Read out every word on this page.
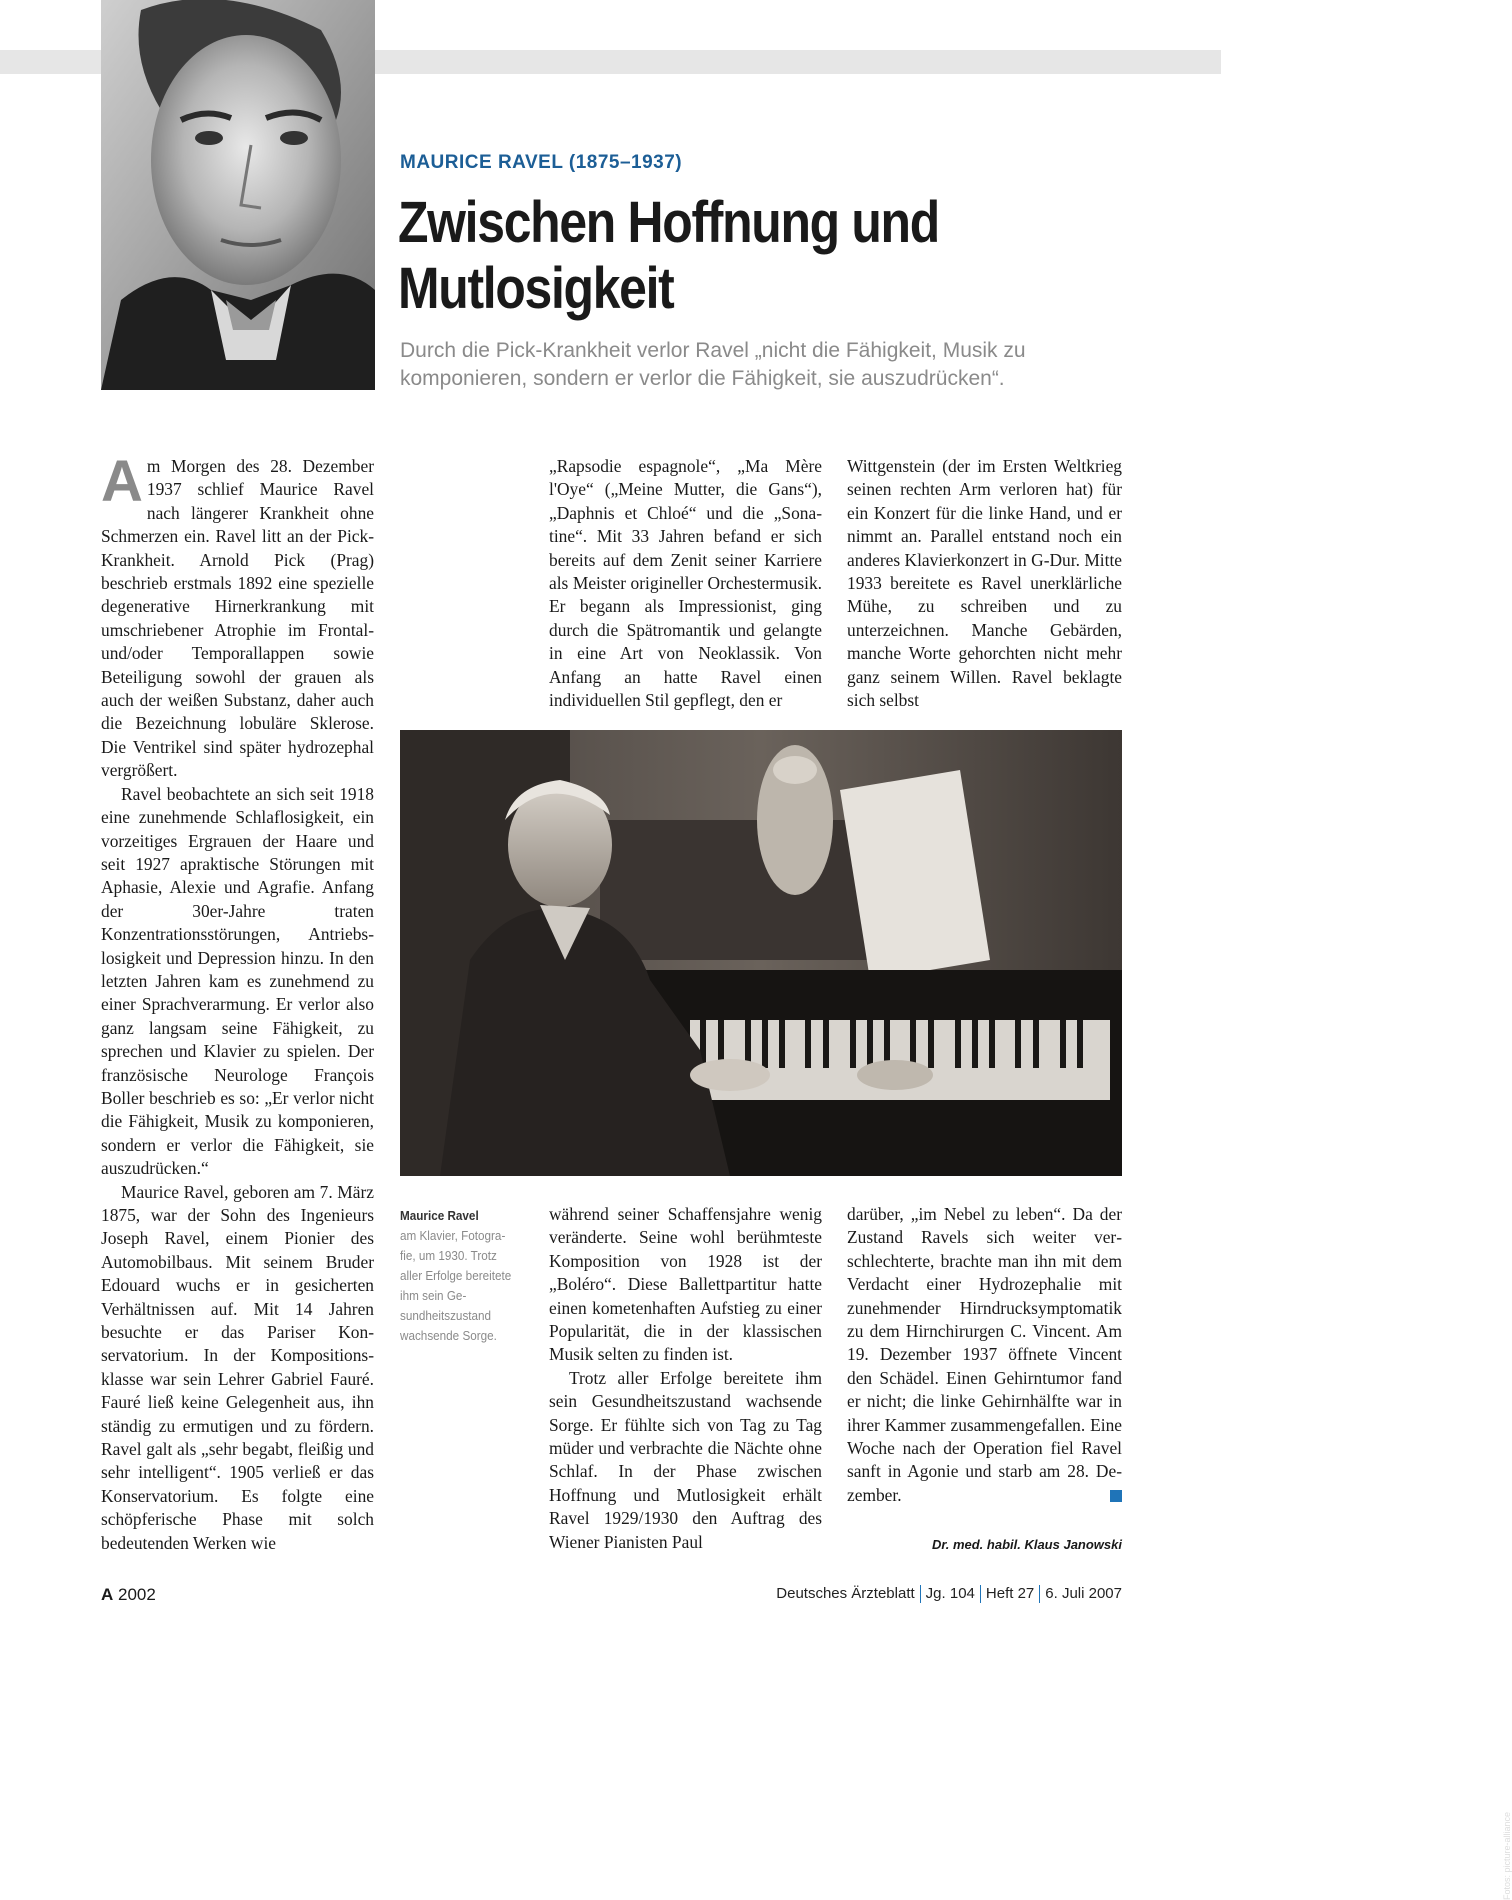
MAURICE RAVEL (1875–1937)
Zwischen Hoffnung und Mutlosigkeit

Durch die Pick-Krankheit verlor Ravel „nicht die Fähigkeit, Musik zu komponieren, sondern er verlor die Fähigkeit, sie auszudrücken“.

Am Morgen des 28. Dezember 1937 schlief Maurice Ravel nach längerer Krankheit ohne Schmerzen ein. Ravel litt an der Pick-Krankheit. Arnold Pick (Prag) beschrieb erstmals 1892 eine spezielle degenerative Hirnerkrankung mit umschriebener Atrophie im Frontal- und/oder Temporallappen sowie Beteiligung sowohl der grauen als auch der weißen Substanz, daher auch die Bezeichnung lobuläre Sklerose. Die Ventrikel sind später hydrozephal vergrößert.

Ravel beobachtete an sich seit 1918 eine zunehmende Schlaflosigkeit, ein vorzeitiges Ergrauen der Haare und seit 1927 apraktische Störungen mit Aphasie, Alexie und Agrafie. Anfang der 30er-Jahre traten Konzentrationsstörungen, Antriebslosigkeit und Depression hinzu. In den letzten Jahren kam es zunehmend zu einer Sprachverarmung. Er verlor also ganz langsam seine Fähigkeit, zu sprechen und Klavier zu spielen. Der französische Neurologe François Boller beschrieb es so: „Er verlor nicht die Fähigkeit, Musik zu komponieren, sondern er verlor die Fähigkeit, sie auszudrücken.“

Maurice Ravel, geboren am 7. März 1875, war der Sohn des Ingenieurs Joseph Ravel, einem Pionier des Automobilbaus. Mit seinem Bruder Edouard wuchs er in gesicherten Verhältnissen auf. Mit 14 Jahren besuchte er das Pariser Konservatorium. In der Kompositionsklasse war sein Lehrer Gabriel Fauré. Fauré ließ keine Gelegenheit aus, ihn ständig zu ermutigen und zu fördern. Ravel galt als „sehr begabt, fleißig und sehr intelligent“. 1905 verließ er das Konservatorium. Es folgte eine schöpferische Phase mit solch bedeutenden Werken wie

„Rapsodie espagnole“, „Ma Mère l'Oye“ („Meine Mutter, die Gans“), „Daphnis et Chloé“ und die „Sonatine“. Mit 33 Jahren befand er sich bereits auf dem Zenit seiner Karriere als Meister origineller Orchestermusik. Er begann als Impressionist, ging durch die Spätromantik und gelangte in eine Art von Neoklassik. Von Anfang an hatte Ravel einen individuellen Stil gepflegt, den er

Wittgenstein (der im Ersten Weltkrieg seinen rechten Arm verloren hat) für ein Konzert für die linke Hand, und er nimmt an. Parallel entstand noch ein anderes Klavierkonzert in G-Dur. Mitte 1933 bereitete es Ravel unerklärliche Mühe, zu schreiben und zu unterzeichnen. Manche Gebärden, manche Worte gehorchten nicht mehr ganz seinem Willen. Ravel beklagte sich selbst

Fotos: picture-alliance
Maurice Ravel
am Klavier, Fotografie, um 1930. Trotz aller Erfolge bereitete ihm sein Gesundheitszustand wachsende Sorge.

während seiner Schaffensjahre wenig veränderte. Seine wohl berühmteste Komposition von 1928 ist der „Boléro“. Diese Ballettpartitur hatte einen kometenhaften Aufstieg zu einer Popularität, die in der klassischen Musik selten zu finden ist.

Trotz aller Erfolge bereitete ihm sein Gesundheitszustand wachsende Sorge. Er fühlte sich von Tag zu Tag müder und verbrachte die Nächte ohne Schlaf. In der Phase zwischen Hoffnung und Mutlosigkeit erhält Ravel 1929/1930 den Auftrag des Wiener Pianisten Paul

darüber, „im Nebel zu leben“. Da der Zustand Ravels sich weiter verschlechterte, brachte man ihn mit dem Verdacht einer Hydrozephalie mit zunehmender Hirndrucksymptomatik zu dem Hirnchirurgen C. Vincent. Am 19. Dezember 1937 öffnete Vincent den Schädel. Einen Gehirntumor fand er nicht; die linke Gehirnhälfte war in ihrer Kammer zusammengefallen. Eine Woche nach der Operation fiel Ravel sanft in Agonie und starb am 28. Dezember.

Dr. med. habil. Klaus Janowski
A 2002	Deutsches Ärzteblatt Jg. 104 Heft 27 6. Juli 2007
